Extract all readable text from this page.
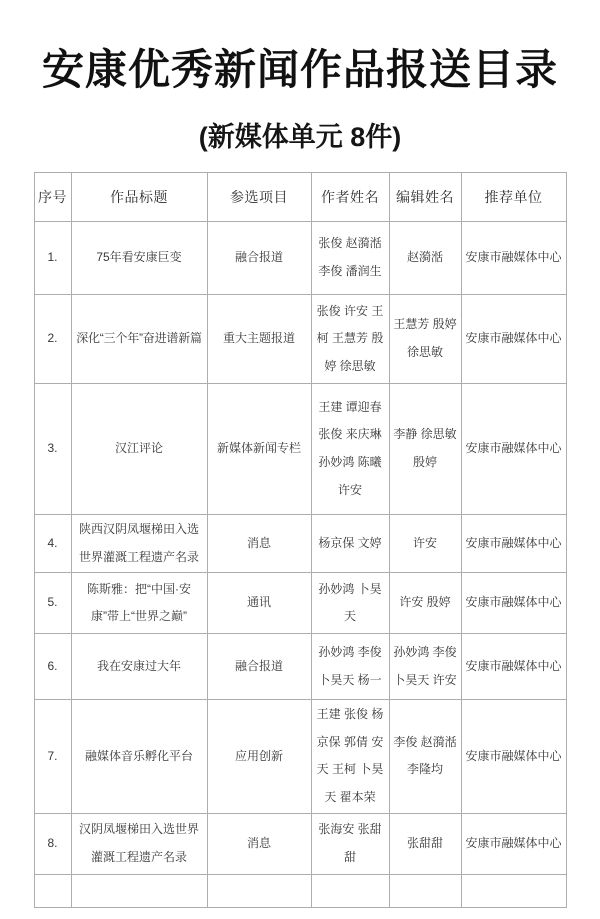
安康优秀新闻作品报送目录
(新媒体单元 8件)
序号	作品标题	参选项目	作者姓名	编辑姓名	推荐单位
1.	75年看安康巨变	融合报道	张俊 赵漪湉 李俊 潘润生	赵漪湉	安康市融媒体中心
2.	深化“三个年”奋进谱新篇	重大主题报道	张俊 许安 王柯 王慧芳 殷婷 徐思敏	王慧芳 殷婷 徐思敏	安康市融媒体中心
3.	汉江评论	新媒体新闻专栏	王建 谭迎春 张俊 来庆琳 孙妙鸿 陈曦 许安	李静 徐思敏 殷婷	安康市融媒体中心
4.	陕西汉阴凤堰梯田入选世界灌溉工程遗产名录	消息	杨京保 文婷	许安	安康市融媒体中心
5.	陈斯雅：把“中国·安康”带上“世界之巅”	通讯	孙妙鸿 卜昊天	许安 殷婷	安康市融媒体中心
6.	我在安康过大年	融合报道	孙妙鸿 李俊 卜昊天 杨一	孙妙鸿 李俊 卜昊天 许安	安康市融媒体中心
7.	融媒体音乐孵化平台	应用创新	王建 张俊 杨京保 郭倩 安天 王柯 卜昊天 翟本荣	李俊 赵漪湉 李隆均	安康市融媒体中心
8.	汉阴凤堰梯田入选世界灌溉工程遗产名录	消息	张海安 张甜甜	张甜甜	安康市融媒体中心
